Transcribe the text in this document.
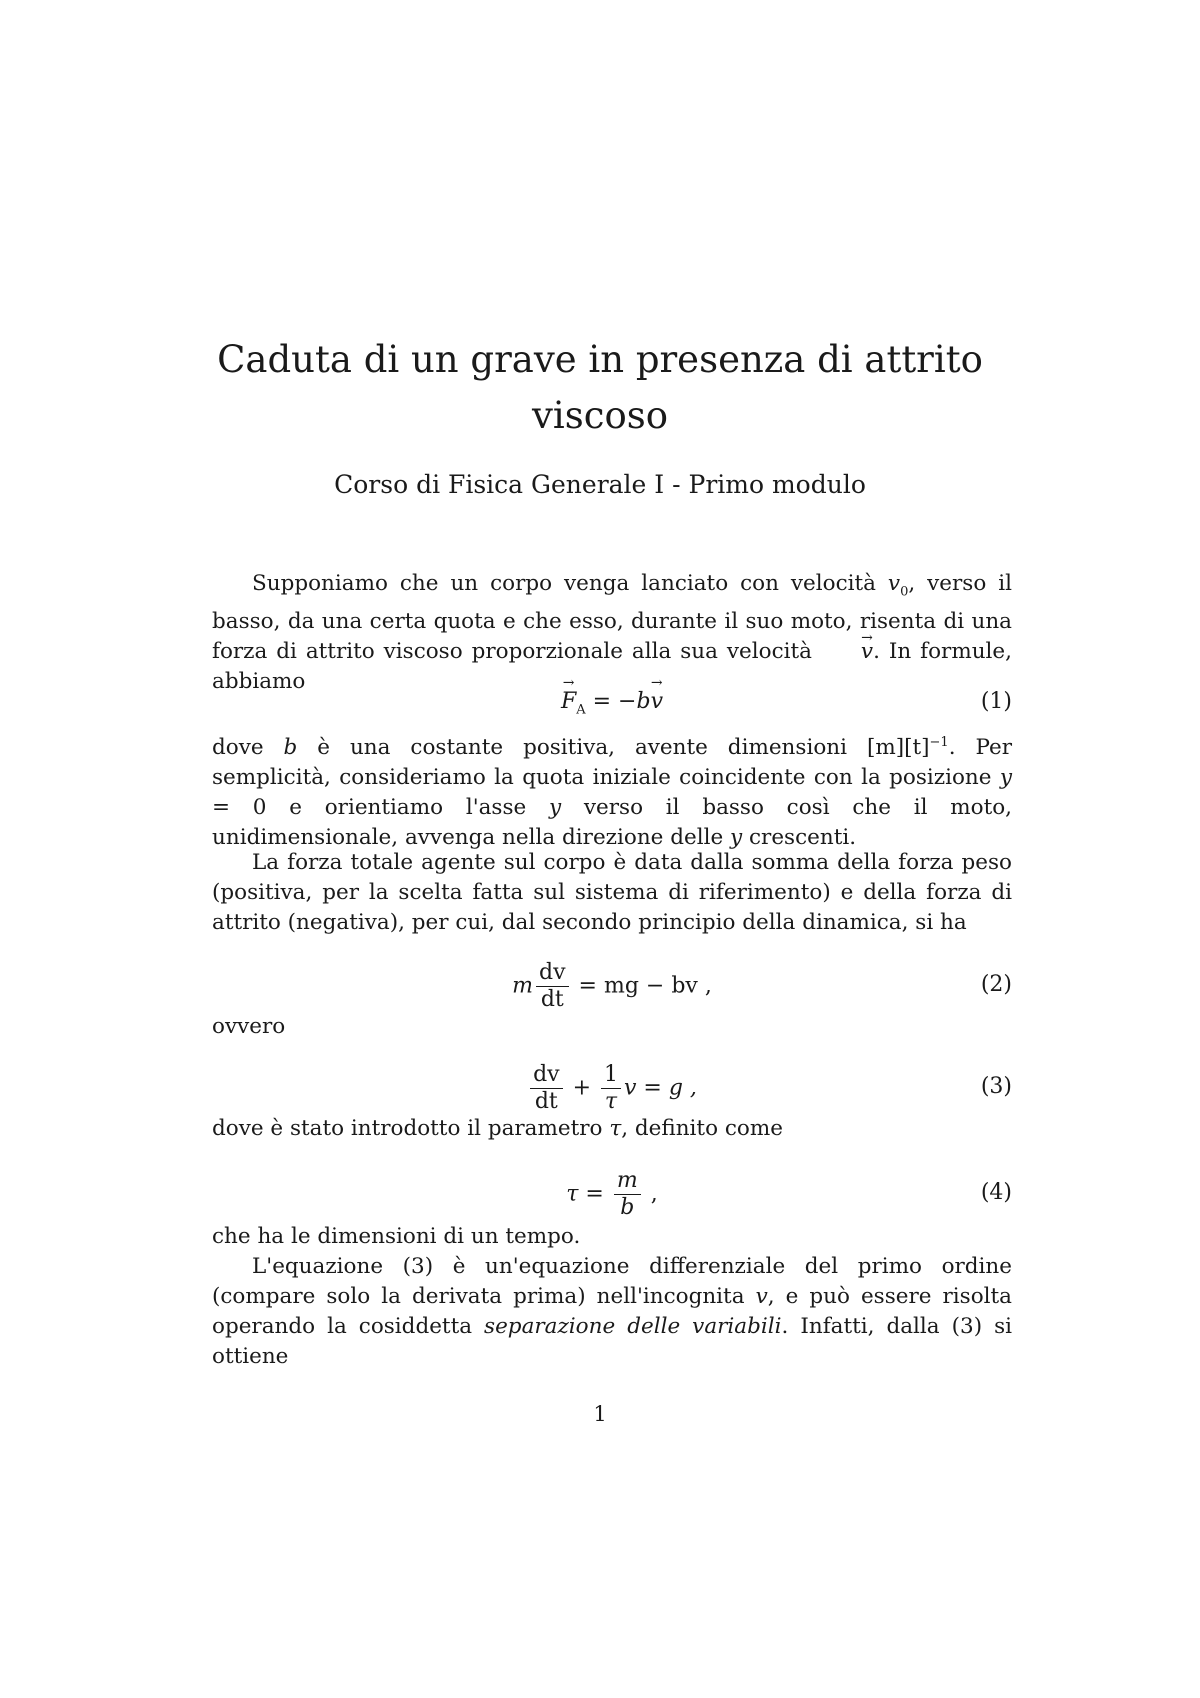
Caduta di un grave in presenza di attrito
viscoso
Corso di Fisica Generale I - Primo modulo
Supponiamo che un corpo venga lanciato con velocità $v_0$, verso il basso, da una certa quota e che esso, durante il suo moto, risenta di una forza di attrito viscoso proporzionale alla sua velocità → v. In formule, abbiamo
→ $F_A = -b\to v$	(1)
dove b è una costante positiva, avente dimensioni $[m][t]^{-1}$. Per semplicità, consideriamo la quota iniziale coincidente con la posizione y = 0 e orientiamo l'asse y verso il basso così che il moto, unidimensionale, avvenga nella direzione delle y crescenti.
La forza totale agente sul corpo è data dalla somma della forza peso (positiva, per la scelta fatta sul sistema di riferimento) e della forza di attrito (negativa), per cui, dal secondo principio della dinamica, si ha
m $\frac{dv}{dt}$ = mg − bv ,	(2)
ovvero
$\frac{dv}{dt} + \frac{1}{\tau}$ v = g ,	(3)
dove è stato introdotto il parametro τ, definito come
$\tau = \frac{m}{b}$ ,	(4)
che ha le dimensioni di un tempo.
L'equazione (3) è un'equazione differenziale del primo ordine (compare solo la derivata prima) nell'incognita v, e può essere risolta operando la cosiddetta separazione delle variabili. Infatti, dalla (3) si ottiene
1
